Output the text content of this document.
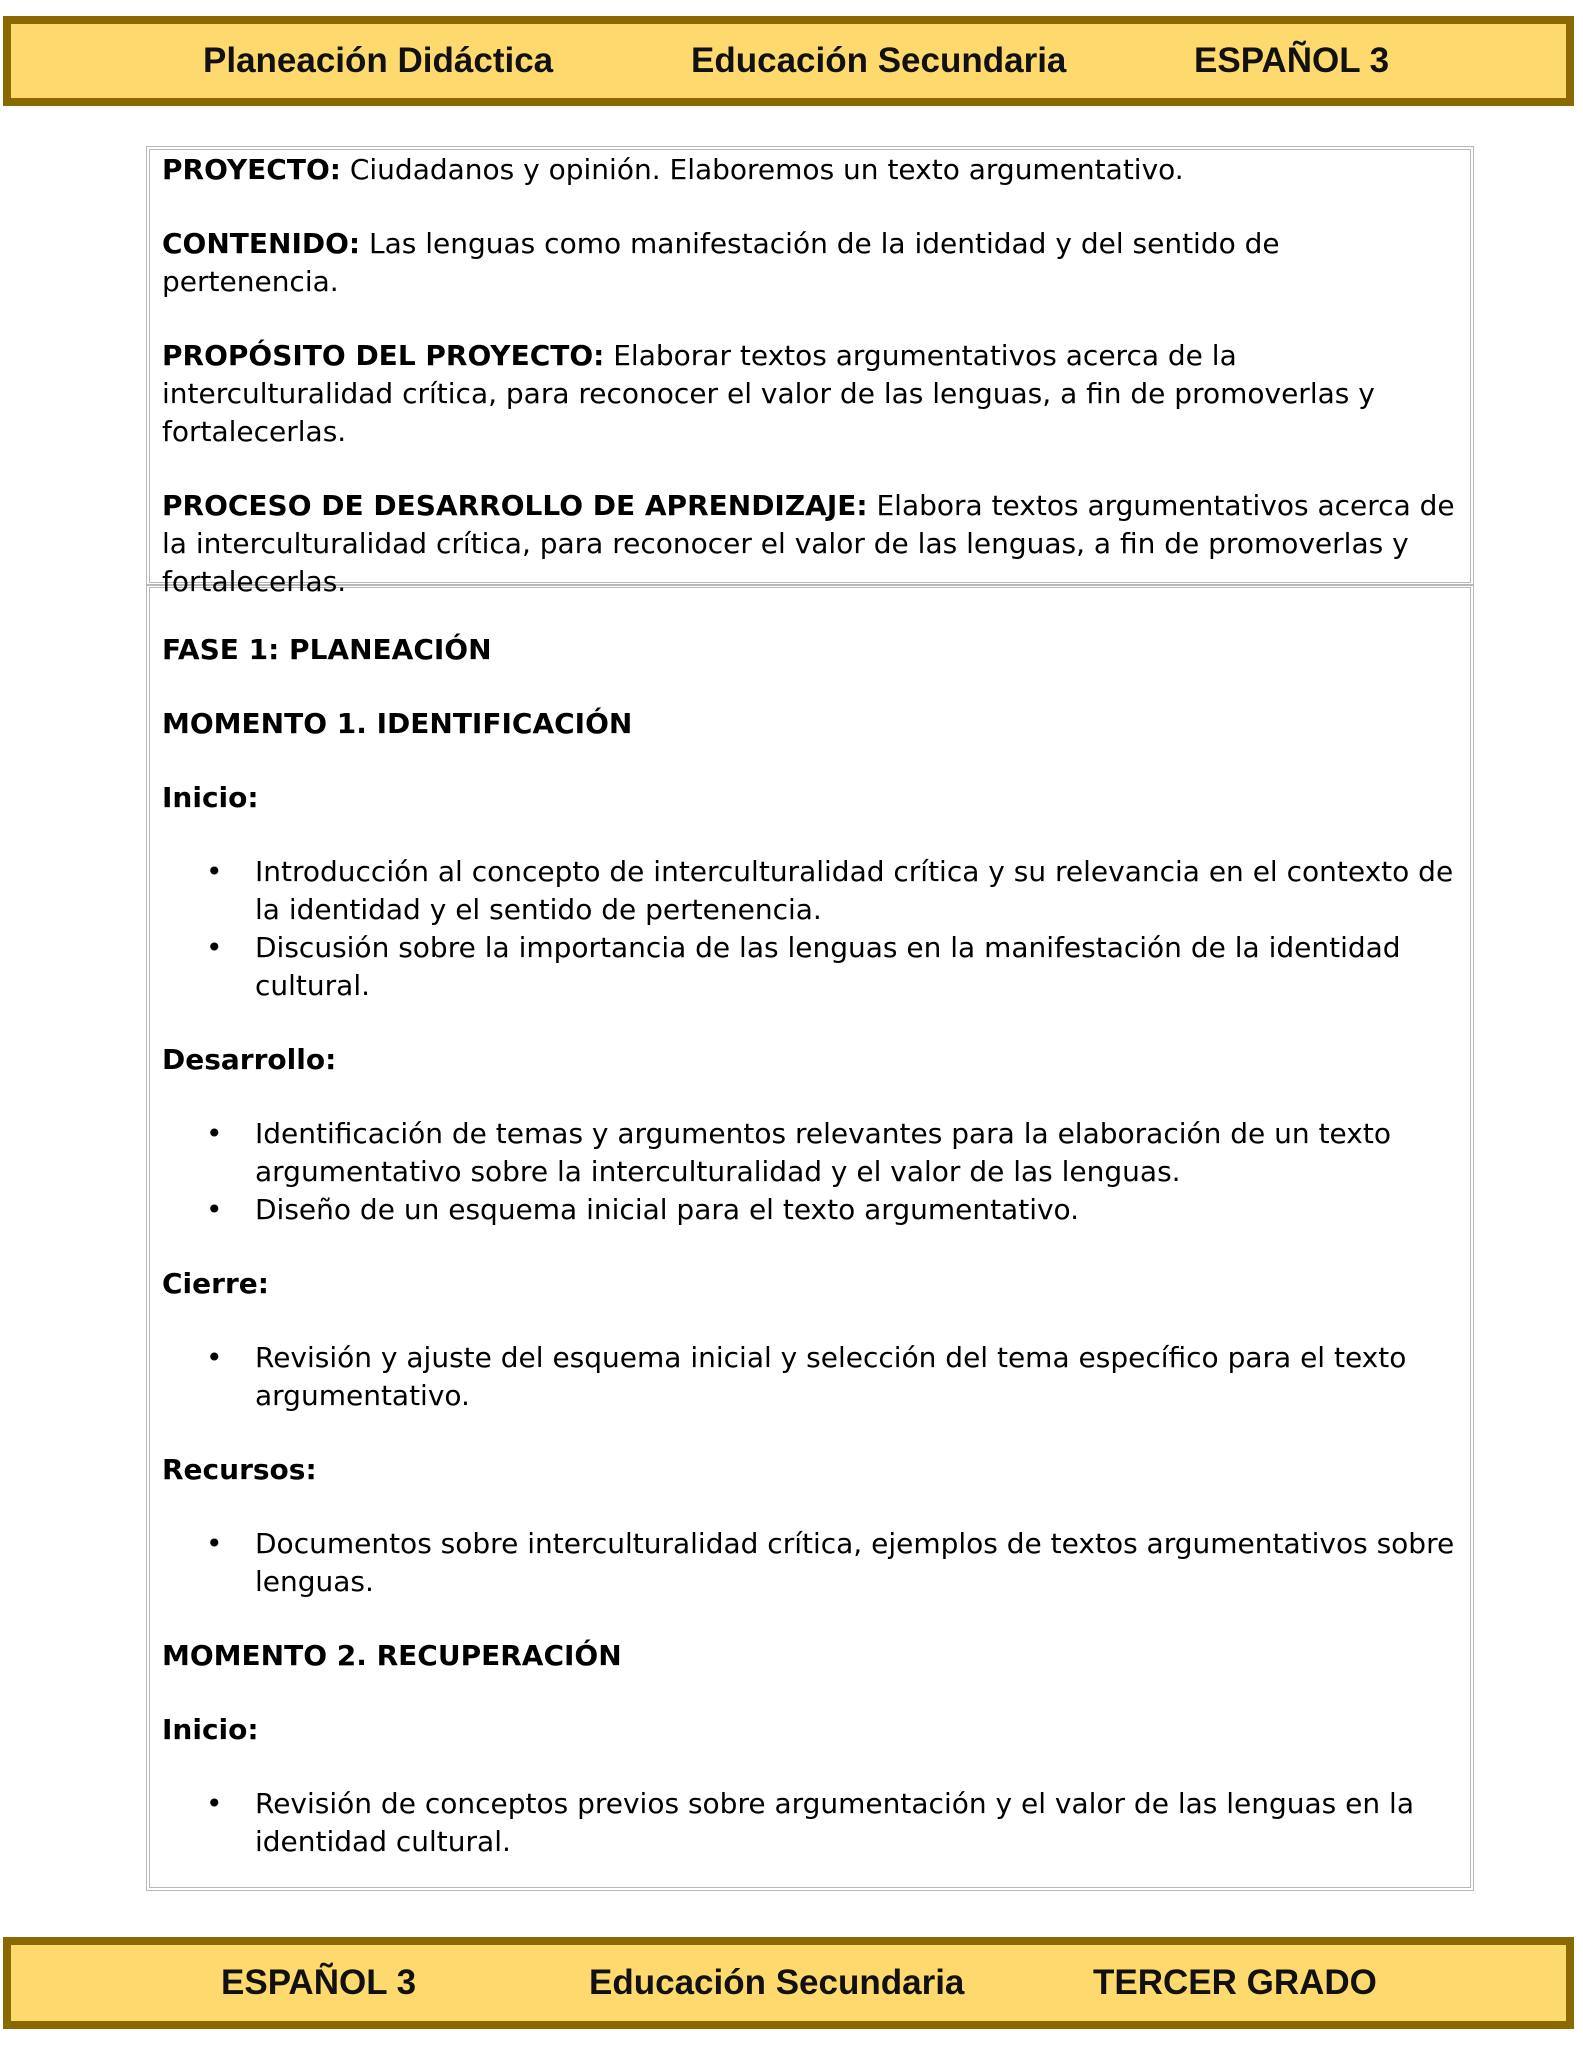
Planeación Didáctica	Educación Secundaria	ESPAÑOL 3

PROYECTO: Ciudadanos y opinión. Elaboremos un texto argumentativo.

CONTENIDO: Las lenguas como manifestación de la identidad y del sentido de pertenencia.

PROPÓSITO DEL PROYECTO: Elaborar textos argumentativos acerca de la interculturalidad crítica, para reconocer el valor de las lenguas, a fin de promoverlas y fortalecerlas.

PROCESO DE DESARROLLO DE APRENDIZAJE: Elabora textos argumentativos acerca de la interculturalidad crítica, para reconocer el valor de las lenguas, a fin de promoverlas y fortalecerlas.

FASE 1: PLANEACIÓN

MOMENTO 1. IDENTIFICACIÓN

Inicio:

• Introducción al concepto de interculturalidad crítica y su relevancia en el contexto de la identidad y el sentido de pertenencia.
• Discusión sobre la importancia de las lenguas en la manifestación de la identidad cultural.

Desarrollo:

• Identificación de temas y argumentos relevantes para la elaboración de un texto argumentativo sobre la interculturalidad y el valor de las lenguas.
• Diseño de un esquema inicial para el texto argumentativo.

Cierre:

• Revisión y ajuste del esquema inicial y selección del tema específico para el texto argumentativo.

Recursos:

• Documentos sobre interculturalidad crítica, ejemplos de textos argumentativos sobre lenguas.

MOMENTO 2. RECUPERACIÓN

Inicio:

• Revisión de conceptos previos sobre argumentación y el valor de las lenguas en la identidad cultural.
ESPAÑOL 3	Educación Secundaria	TERCER GRADO
